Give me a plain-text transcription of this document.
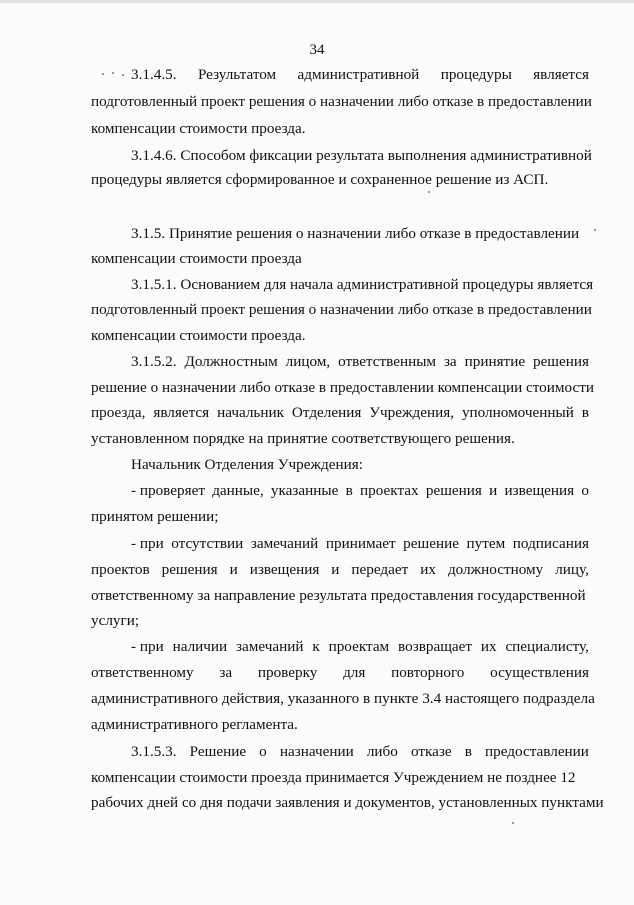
34
3.1.4.5. Результатом административной процедуры является
подготовленный проект решения о назначении либо отказе в предоставлении
компенсации стоимости проезда.
3.1.4.6. Способом фиксации результата выполнения административной
процедуры является сформированное и сохраненное решение из АСП.
3.1.5. Принятие решения о назначении либо отказе в предоставлении
компенсации стоимости проезда
3.1.5.1. Основанием для начала административной процедуры является
подготовленный проект решения о назначении либо отказе в предоставлении
компенсации стоимости проезда.
3.1.5.2. Должностным лицом, ответственным за принятие решения
решение о назначении либо отказе в предоставлении компенсации стоимости
проезда, является начальник Отделения Учреждения, уполномоченный в
установленном порядке на принятие соответствующего решения.
Начальник Отделения Учреждения:
- проверяет данные, указанные в проектах решения и извещения о
принятом решении;
- при отсутствии замечаний принимает решение путем подписания
проектов решения и извещения и передает их должностному лицу,
ответственному за направление результата предоставления государственной
услуги;
- при наличии замечаний к проектам возвращает их специалисту,
ответственному за проверку для повторного осуществления
административного действия, указанного в пункте 3.4 настоящего подраздела
административного регламента.
3.1.5.3. Решение о назначении либо отказе в предоставлении
компенсации стоимости проезда принимается Учреждением не позднее 12
рабочих дней со дня подачи заявления и документов, установленных пунктами
